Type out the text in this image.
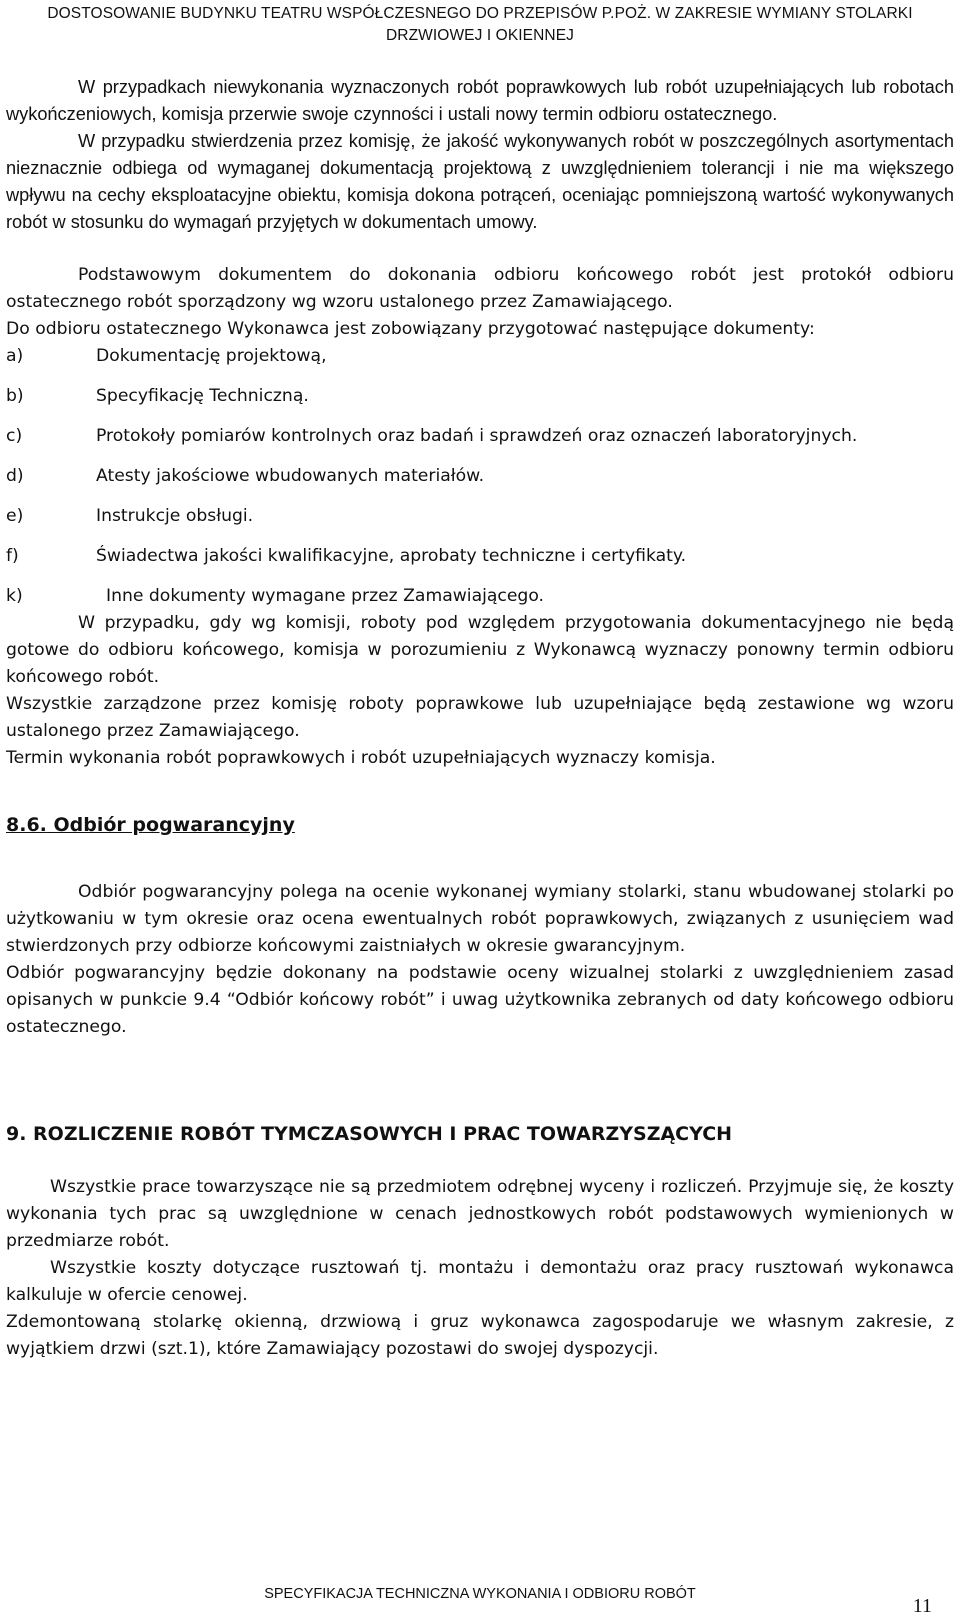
DOSTOSOWANIE BUDYNKU TEATRU WSPÓŁCZESNEGO DO PRZEPISÓW P.POŻ. W ZAKRESIE WYMIANY STOLARKI
DRZWIOWEJ I OKIENNEJ

W przypadkach niewykonania wyznaczonych robót poprawkowych lub robót uzupełniających lub robotach wykończeniowych, komisja przerwie swoje czynności i ustali nowy termin odbioru ostatecznego.

W przypadku stwierdzenia przez komisję, że jakość wykonywanych robót w poszczególnych asortymentach nieznacznie odbiega od wymaganej dokumentacją projektową z uwzględnieniem tolerancji i nie ma większego wpływu na cechy eksploatacyjne obiektu, komisja dokona potrąceń, oceniając pomniejszoną wartość wykonywanych robót w stosunku do wymagań przyjętych w dokumentach umowy.

Podstawowym dokumentem do dokonania odbioru końcowego robót jest protokół odbioru ostatecznego robót sporządzony wg wzoru ustalonego przez Zamawiającego.

Do odbioru ostatecznego Wykonawca jest zobowiązany przygotować następujące dokumenty:

a)	Dokumentację projektową,
b)	Specyfikację Techniczną.
c)	Protokoły pomiarów kontrolnych oraz badań i sprawdzeń oraz oznaczeń laboratoryjnych.
d)	Atesty jakościowe wbudowanych materiałów.
e)	Instrukcje obsługi.
f)	Świadectwa jakości kwalifikacyjne, aprobaty techniczne i certyfikaty.
k)	Inne dokumenty wymagane przez Zamawiającego.

W przypadku, gdy wg komisji, roboty pod względem przygotowania dokumentacyjnego nie będą gotowe do odbioru końcowego, komisja w porozumieniu z Wykonawcą wyznaczy ponowny termin odbioru końcowego robót.

Wszystkie zarządzone przez komisję roboty poprawkowe lub uzupełniające będą zestawione wg wzoru ustalonego przez Zamawiającego.

Termin wykonania robót poprawkowych i robót uzupełniających wyznaczy komisja.

8.6. Odbiór pogwarancyjny

Odbiór pogwarancyjny polega na ocenie wykonanej wymiany stolarki, stanu wbudowanej stolarki po użytkowaniu w tym okresie oraz ocena ewentualnych robót poprawkowych, związanych z usunięciem wad stwierdzonych przy odbiorze końcowymi zaistniałych w okresie gwarancyjnym.

Odbiór pogwarancyjny będzie dokonany na podstawie oceny wizualnej stolarki z uwzględnieniem zasad opisanych w punkcie 9.4 “Odbiór końcowy robót” i uwag użytkownika zebranych od daty końcowego odbioru ostatecznego.

9. ROZLICZENIE ROBÓT TYMCZASOWYCH I PRAC TOWARZYSZĄCYCH

Wszystkie prace towarzyszące nie są przedmiotem odrębnej wyceny i rozliczeń. Przyjmuje się, że koszty wykonania tych prac są uwzględnione w cenach jednostkowych robót podstawowych wymienionych w przedmiarze robót.

Wszystkie koszty dotyczące rusztowań tj. montażu i demontażu oraz pracy rusztowań wykonawca kalkuluje w ofercie cenowej.

Zdemontowaną stolarkę okienną, drzwiową i gruz wykonawca zagospodaruje we własnym zakresie, z wyjątkiem drzwi (szt.1), które Zamawiający pozostawi do swojej dyspozycji.

SPECYFIKACJA TECHNICZNA WYKONANIA I ODBIORU ROBÓT
11
